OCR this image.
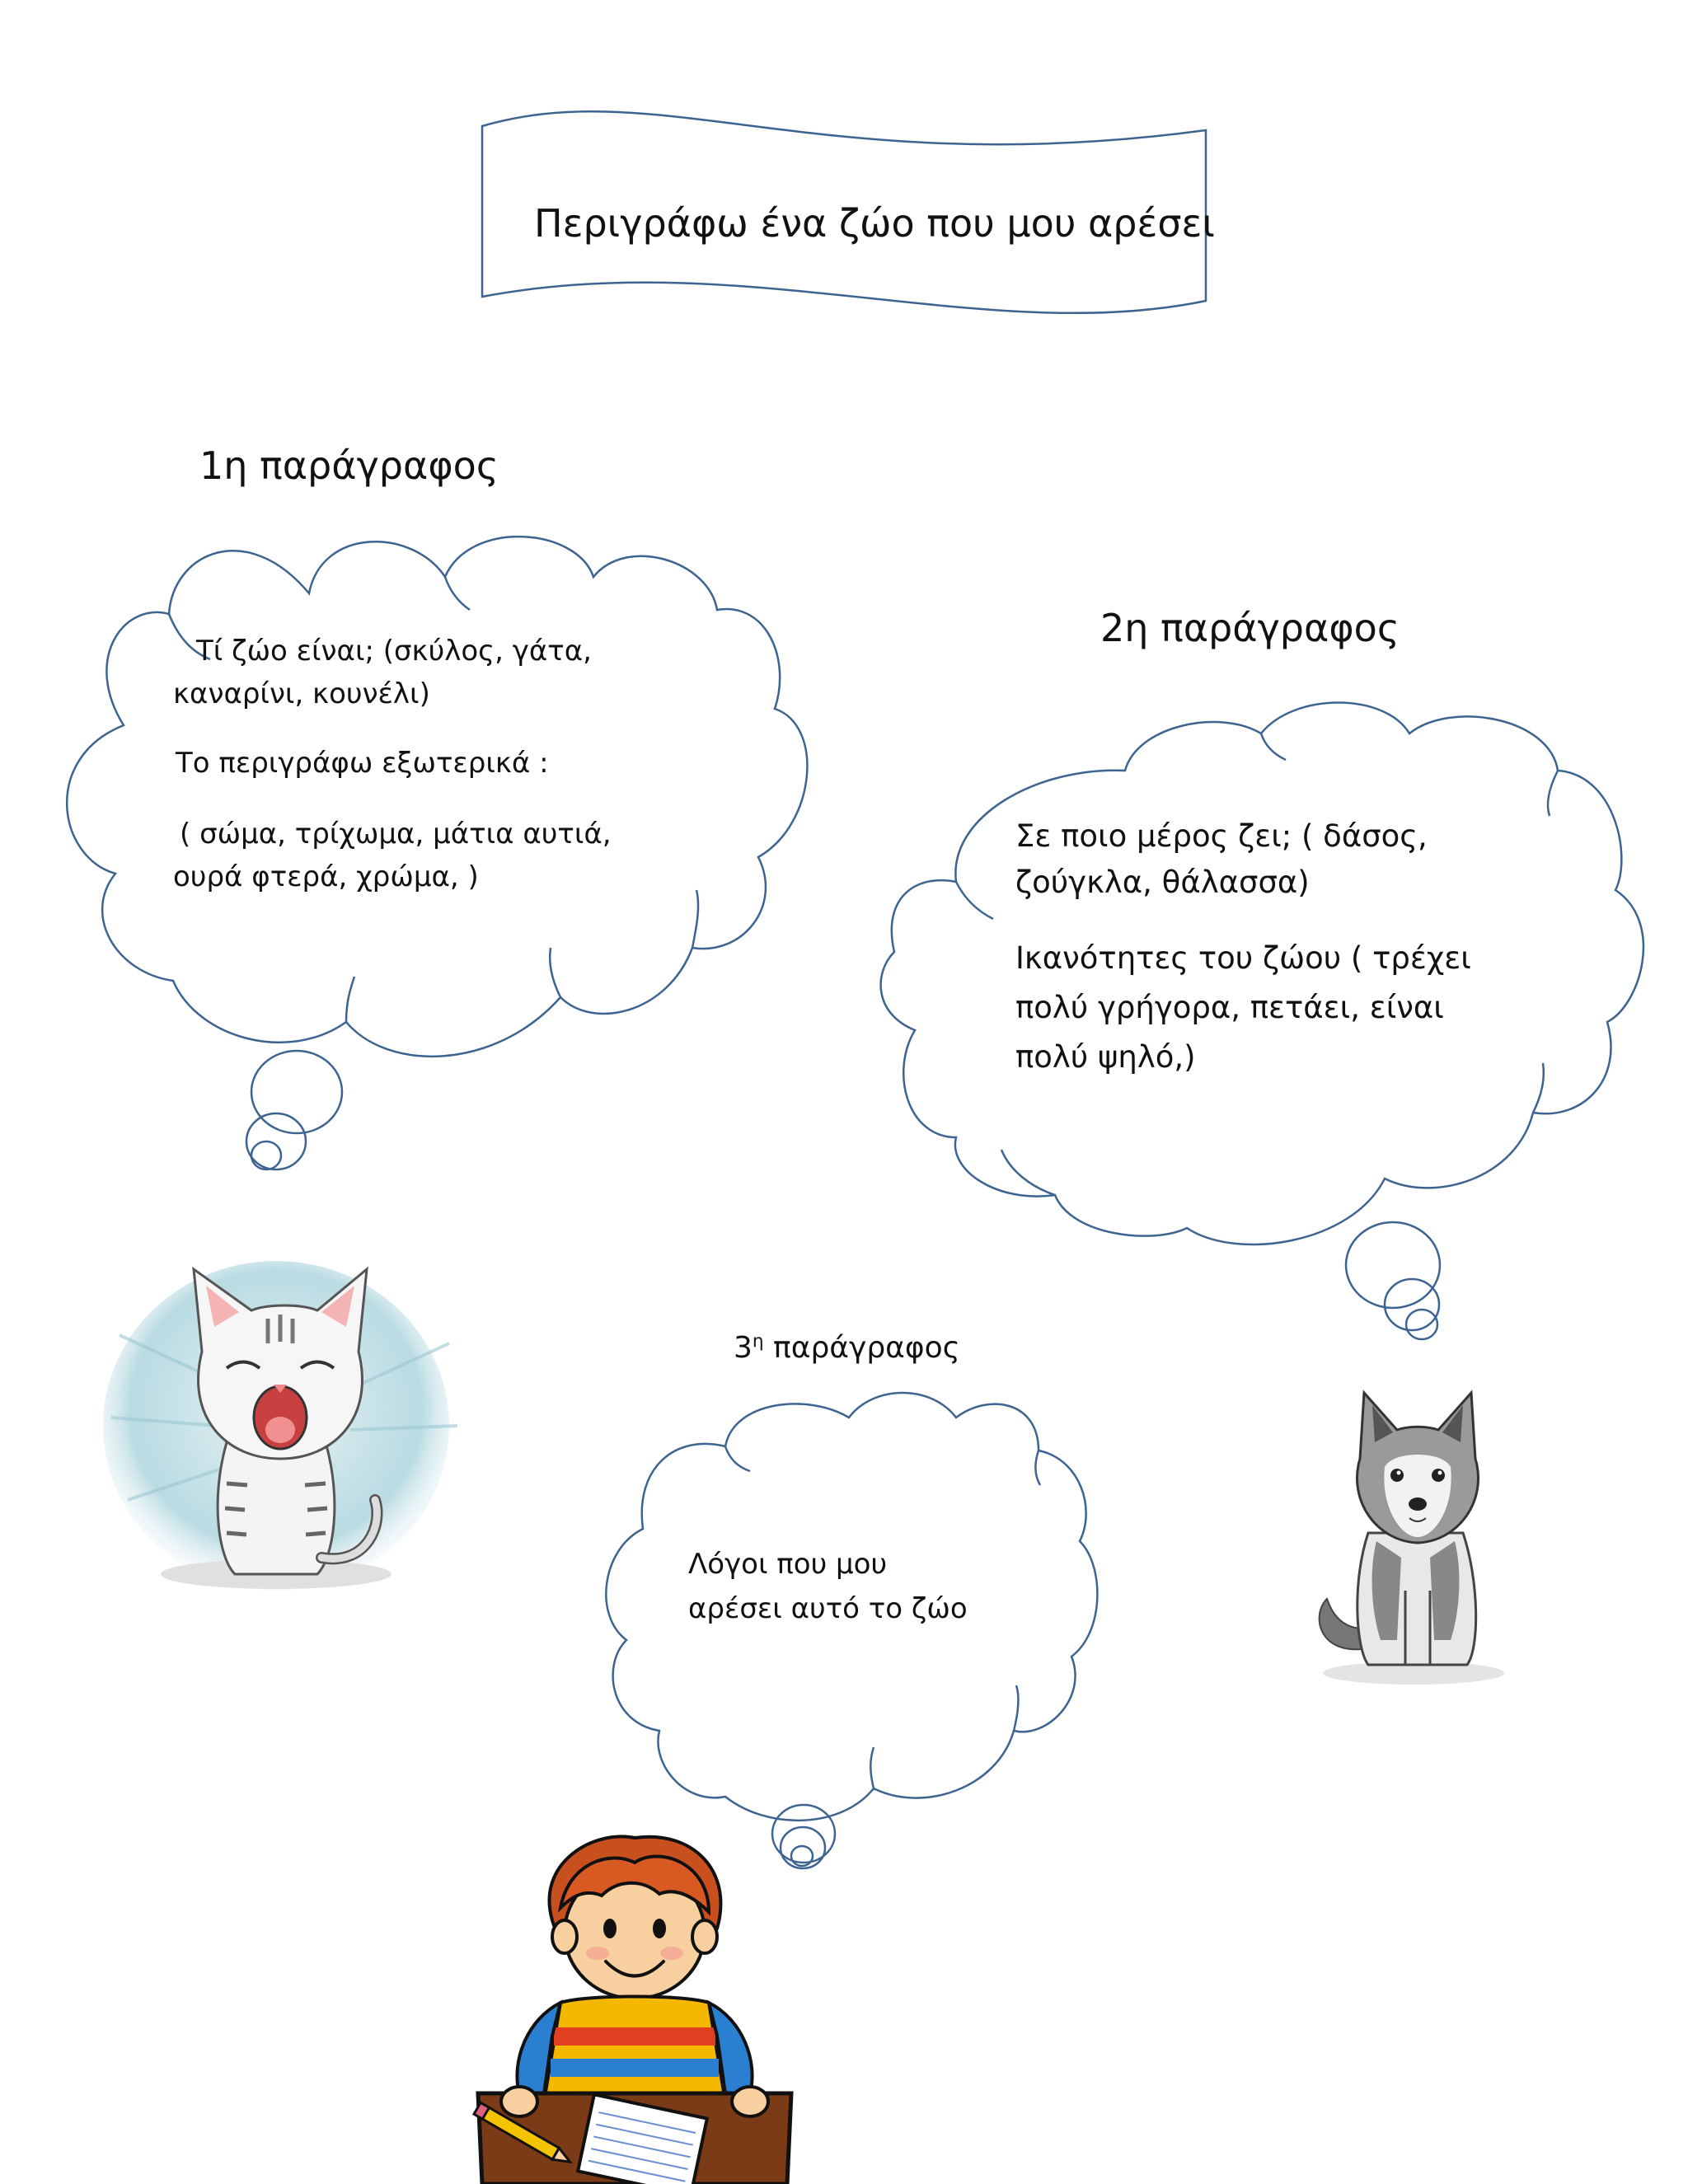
Περιγράφω ένα ζώο που μου αρέσει
1η παράγραφος
Τί ζώο είναι; (σκύλος, γάτα,
καναρίνι, κουνέλι)
Το περιγράφω εξωτερικά :
( σώμα, τρίχωμα, μάτια αυτιά,
ουρά φτερά, χρώμα, )
2η παράγραφος
Σε ποιο μέρος ζει; ( δάσος,
ζούγκλα, θάλασσα)
Ικανότητες του ζώου ( τρέχει
πολύ γρήγορα, πετάει, είναι
πολύ ψηλό,)
$3^\eta$ παράγραφος
Λόγοι που μου
αρέσει αυτό το ζώο
